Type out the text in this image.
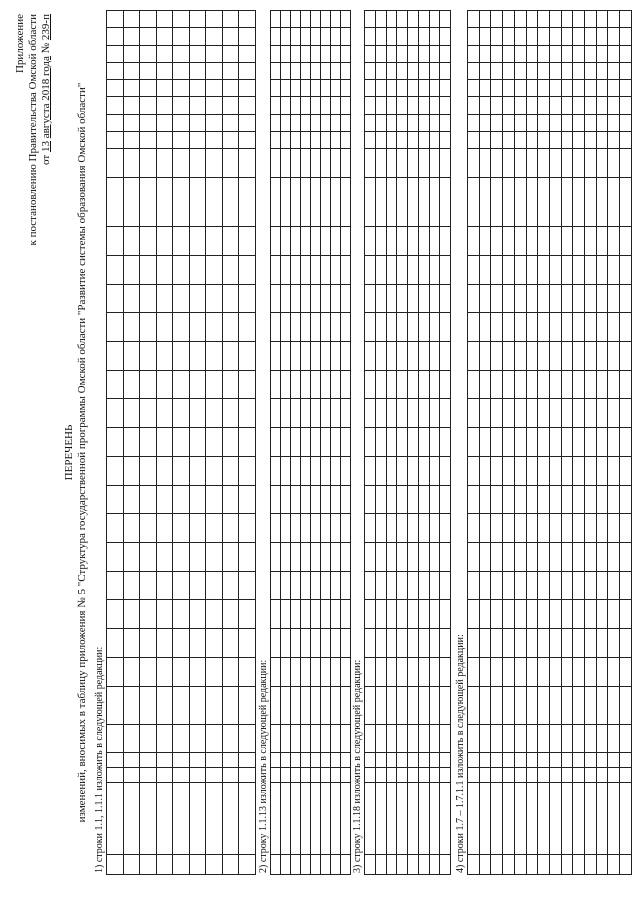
Приложение к постановлению Правительства Омской области от 13 августа 2018 года № 239-п
ПЕРЕЧЕНЬ изменений, вносимых в таблицу приложения № 5 "Структура государственной программы Омской области "Развитие системы образования Омской области" 1) строки 1.1, 1.1.1 изложить в следующей редакции:

																																2) строку 1.1.13 изложить в следующей редакции:

																																3) строку 1.1.18 изложить в следующей редакции:

																																4) строки 1.7 – 1.7.1.1 изложить в следующей редакции:
